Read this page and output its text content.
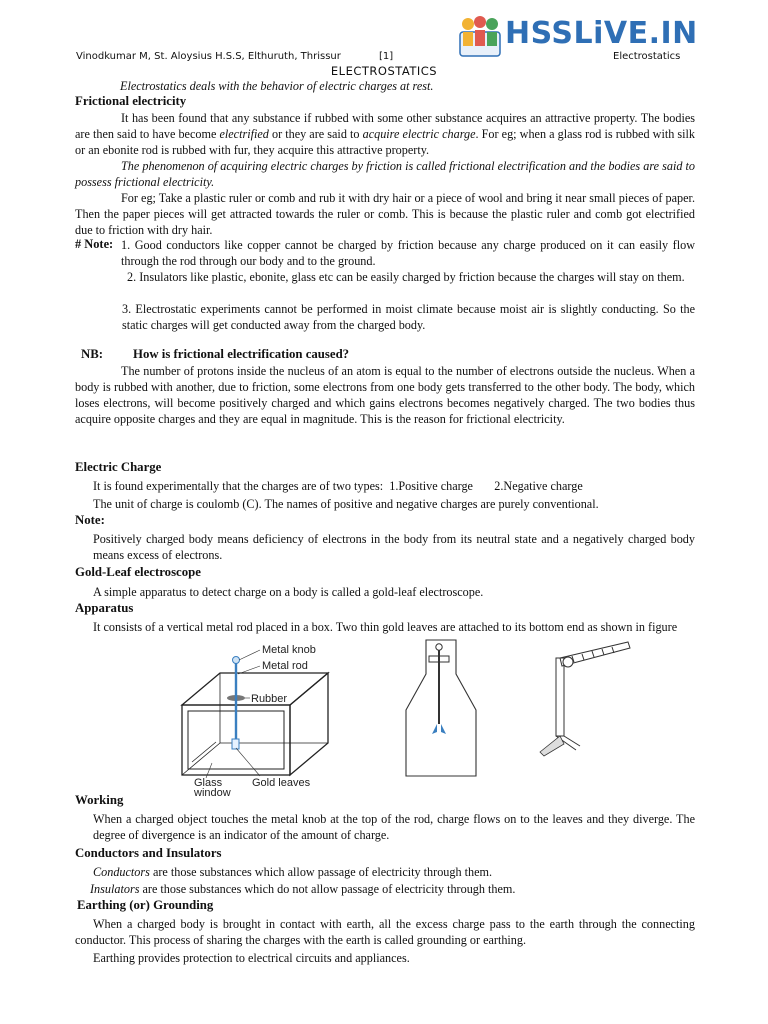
Vinodkumar M, St. Aloysius H.S.S, Elthuruth, Thrissur	[1]	Electrostatics
HSSLiVE.IN
ELECTROSTATICS
Electrostatics deals with the behavior of electric charges at rest.
Frictional electricity
It has been found that any substance if rubbed with some other substance acquires an attractive property. The bodies are then said to have become electrified or they are said to acquire electric charge. For eg; when a glass rod is rubbed with silk or an ebonite rod is rubbed with fur, they acquire this attractive property.
The phenomenon of acquiring electric charges by friction is called frictional electrification and the bodies are said to possess frictional electricity.
For eg; Take a plastic ruler or comb and rub it with dry hair or a piece of wool and bring it near small pieces of paper. Then the paper pieces will get attracted towards the ruler or comb. This is because the plastic ruler and comb got electrified due to friction with dry hair.
# Note: 1. Good conductors like copper cannot be charged by friction because any charge produced on it can easily flow through the rod through our body and to the ground.
2. Insulators like plastic, ebonite, glass etc can be easily charged by friction because the charges will stay on them.
3. Electrostatic experiments cannot be performed in moist climate because moist air is slightly conducting. So the static charges will get conducted away from the charged body.
NB: How is frictional electrification caused?
The number of protons inside the nucleus of an atom is equal to the number of electrons outside the nucleus. When a body is rubbed with another, due to friction, some electrons from one body gets transferred to the other body. The body, which loses electrons, will become positively charged and which gains electrons becomes negatively charged. The two bodies thus acquire opposite charges and they are equal in magnitude. This is the reason for frictional electricity.
Electric Charge
It is found experimentally that the charges are of two types:  1.Positive charge       2.Negative charge
The unit of charge is coulomb (C). The names of positive and negative charges are purely conventional.
Note:
Positively charged body means deficiency of electrons in the body from its neutral state and a negatively charged body means excess of electrons.
Gold-Leaf electroscope
A simple apparatus to detect charge on a body is called a gold-leaf electroscope.
Apparatus
It consists of a vertical metal rod placed in a box. Two thin gold leaves are attached to its bottom end as shown in figure
Metal knob
Metal rod
Rubber
Glass
window
Gold leaves
Working
When a charged object touches the metal knob at the top of the rod, charge flows on to the leaves and they diverge. The degree of divergence is an indicator of the amount of charge.
Conductors and Insulators
Conductors are those substances which allow passage of electricity through them.
Insulators are those substances which do not allow passage of electricity through them.
Earthing (or) Grounding
When a charged body is brought in contact with earth, all the excess charge pass to the earth through the connecting conductor. This process of sharing the charges with the earth is called grounding or earthing.
Earthing provides protection to electrical circuits and appliances.
